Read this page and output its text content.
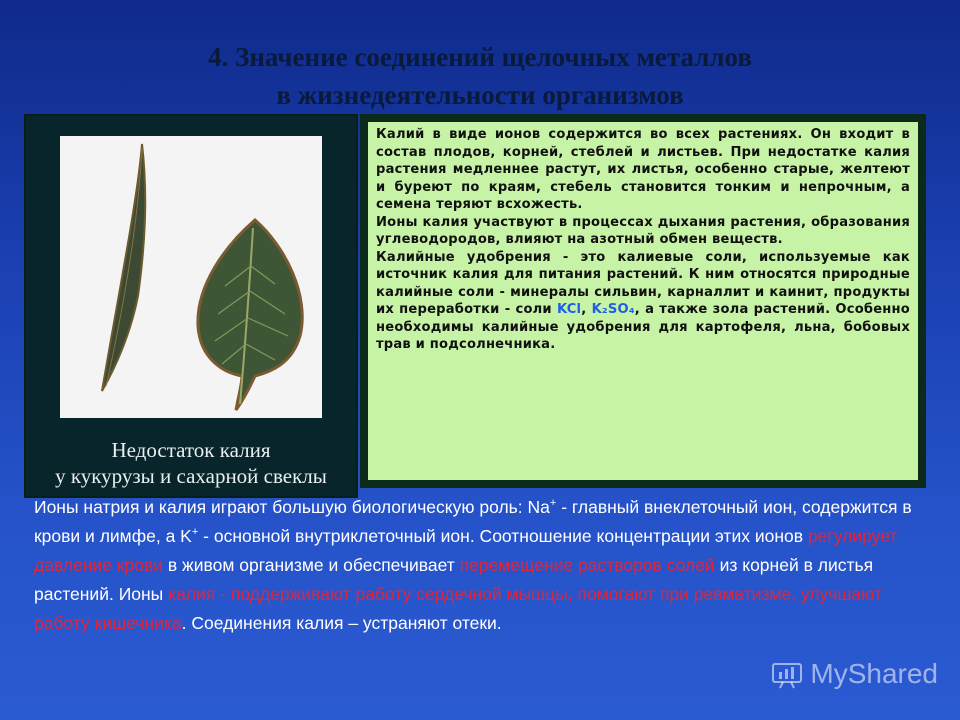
4. Значение соединений щелочных металлов
в жизнедеятельности организмов
Недостаток калия
у кукурузы и сахарной свеклы

Калий в виде ионов содержится во всех растениях. Он входит в состав плодов, корней, стеблей и листьев. При недостатке калия растения медленнее растут, их листья, особенно старые, желтеют и буреют по краям, стебель становится тонким и непрочным, а семена теряют всхожесть.

Ионы калия участвуют в процессах дыхания растения, образования углеводородов, влияют на азотный обмен веществ.

Калийные удобрения - это калиевые соли, используемые как источник калия для питания растений. К ним относятся природные калийные соли - минералы сильвин, карналлит и каинит, продукты их переработки - соли KCl, K₂SO₄, а также зола растений. Особенно необходимы калийные удобрения для картофеля, льна, бобовых трав и подсолнечника.

Ионы натрия и калия играют большую биологическую роль: Na+ - главный внеклеточный ион, содержится в крови и лимфе, а K+ - основной внутриклеточный ион. Соотношение концентрации этих ионов регулирует давление крови в живом организме и обеспечивает перемещение растворов солей из корней в листья растений. Ионы калия - поддерживают работу сердечной мышцы, помогают при ревматизме, улучшают работу кишечника. Соединения калия – устраняют отеки.
MyShared
